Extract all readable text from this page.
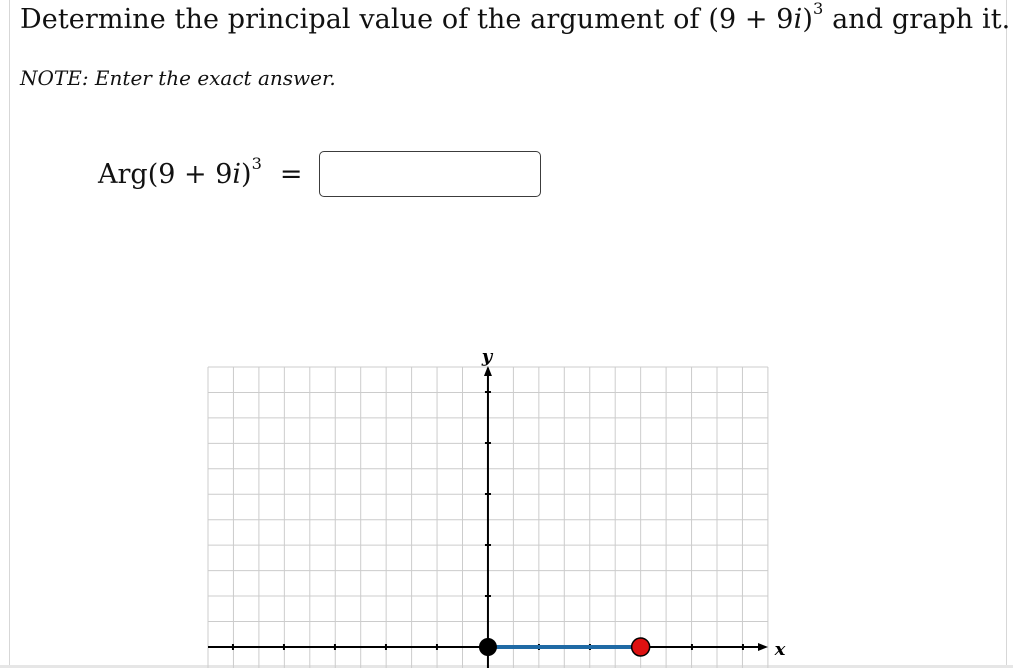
Determine the principal value of the argument of $(9 + 9i)^3$ and graph it.
NOTE: Enter the exact answer.
$Arg(9 + 9i)^3$ =
y
x
